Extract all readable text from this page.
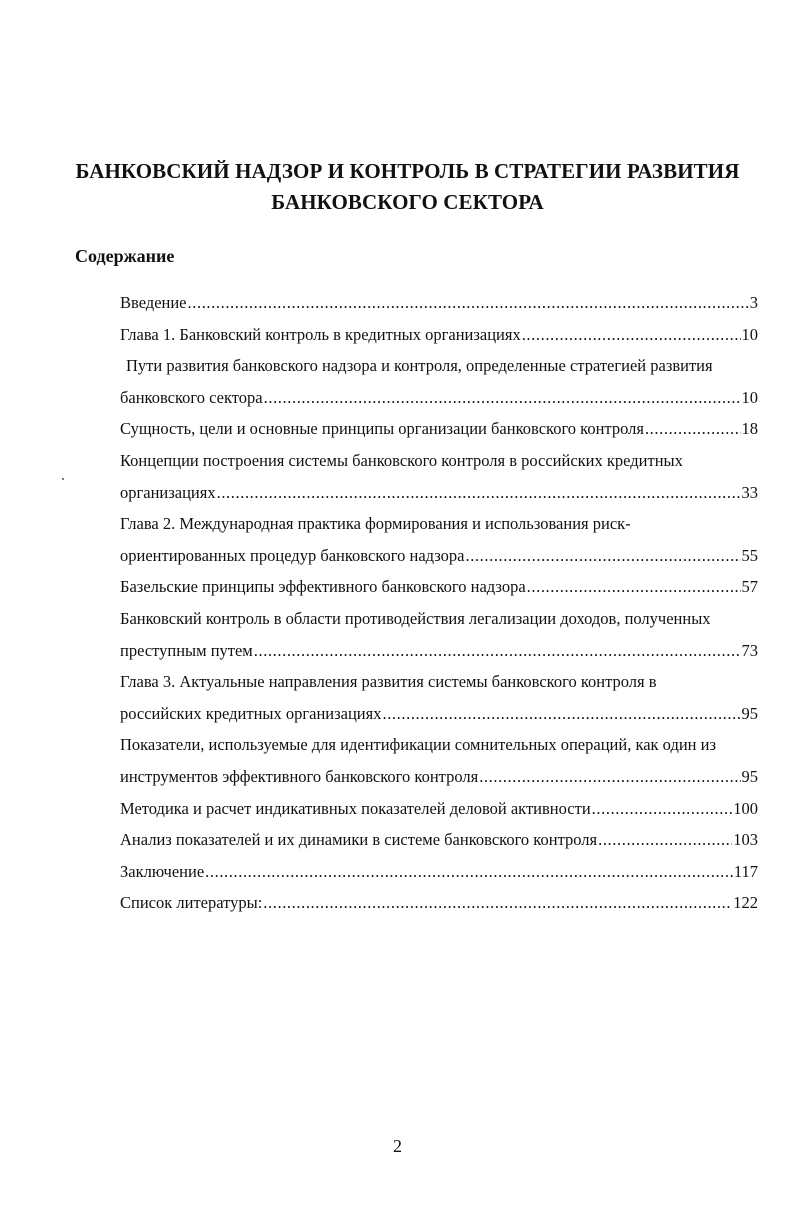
БАНКОВСКИЙ НАДЗОР И КОНТРОЛЬ В СТРАТЕГИИ РАЗВИТИЯ
БАНКОВСКОГО СЕКТОРА
Содержание
Введение .....	3
Глава 1. Банковский контроль в кредитных организациях .....	10
Пути развития банковского надзора и контроля, определенные стратегией развития
банковского сектора .....	10
Сущность, цели и основные принципы организации банковского контроля .....	18
Концепции построения системы банковского контроля в российских кредитных
организациях .....	33
Глава 2. Международная практика формирования и использования риск-
ориентированных процедур банковского надзора .....	55
Базельские принципы эффективного банковского надзора .....	57
Банковский контроль в области противодействия легализации доходов, полученных
преступным путем .....	73
Глава 3. Актуальные направления развития системы банковского контроля в
российских кредитных организациях .....	95
Показатели, используемые для идентификации сомнительных операций, как один из
инструментов эффективного банковского контроля .....	95
Методика и расчет индикативных показателей деловой активности .....	100
Анализ показателей и их динамики в системе банковского контроля .....	103
Заключение .....	117
Список литературы: .....	122
2
